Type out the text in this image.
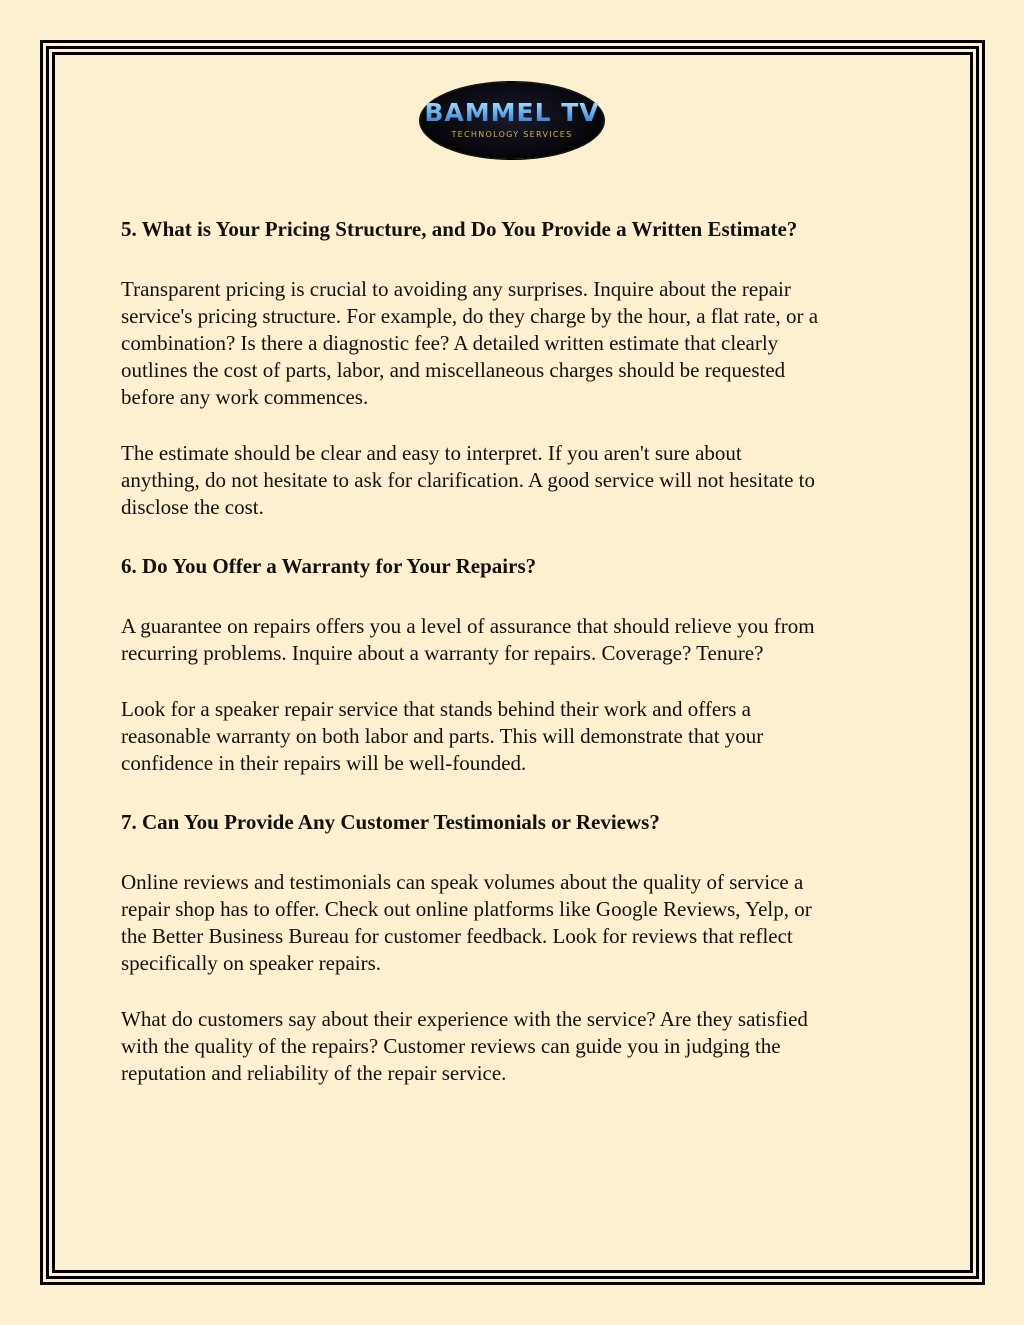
BAMMEL TV
TECHNOLOGY SERVICES
5. What is Your Pricing Structure, and Do You Provide a Written Estimate?

Transparent pricing is crucial to avoiding any surprises. Inquire about the repair
service's pricing structure. For example, do they charge by the hour, a flat rate, or a
combination? Is there a diagnostic fee? A detailed written estimate that clearly
outlines the cost of parts, labor, and miscellaneous charges should be requested
before any work commences.

The estimate should be clear and easy to interpret. If you aren't sure about
anything, do not hesitate to ask for clarification. A good service will not hesitate to
disclose the cost.

6. Do You Offer a Warranty for Your Repairs?

A guarantee on repairs offers you a level of assurance that should relieve you from
recurring problems. Inquire about a warranty for repairs. Coverage? Tenure?

Look for a speaker repair service that stands behind their work and offers a
reasonable warranty on both labor and parts. This will demonstrate that your
confidence in their repairs will be well-founded.

7. Can You Provide Any Customer Testimonials or Reviews?

Online reviews and testimonials can speak volumes about the quality of service a
repair shop has to offer. Check out online platforms like Google Reviews, Yelp, or
the Better Business Bureau for customer feedback. Look for reviews that reflect
specifically on speaker repairs.

What do customers say about their experience with the service? Are they satisfied
with the quality of the repairs? Customer reviews can guide you in judging the
reputation and reliability of the repair service.
